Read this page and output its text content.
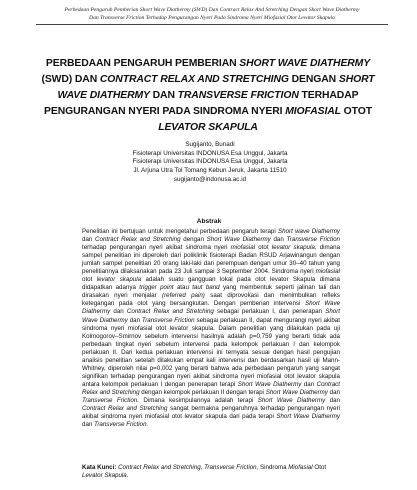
Perbedaan Pengaruh Pemberian Short Wave Diathermy (SWD) Dan Contract Relax And Stretching Dengan Short Wave Diathermy
Dan Transverse Friction Terhadap Pengurangan Nyeri Pada Sindroma Nyeri Miofasial Otot Levator Skapula
PERBEDAAN PENGARUH PEMBERIAN SHORT WAVE DIATHERMY (SWD) DAN CONTRACT RELAX AND STRETCHING DENGAN SHORT WAVE DIATHERMY DAN TRANSVERSE FRICTION TERHADAP PENGURANGAN NYERI PADA SINDROMA NYERI MIOFASIAL OTOT LEVATOR SKAPULA
Sugijanto, Bunadi
Fisioterapi Universitas INDONUSA Esa Unggul, Jakarta
Fisioterapi Universitas INDONUSA Esa Unggul, Jakarta
Jl. Arjuna Utra Tol Tomang Kebun Jeruk, Jakarta 11510
sugijanto@indonusa.ac.id
Abstrak

Penelitian ini bertujuan untuk mengetahui perbedaan pengaruh terapi Short wave Diathermy dan Contract Relax and Stretching dengan Short Wave Diathermy dan Transverse Friction terhadap pengurangan nyeri akibat sindroma nyeri miofasial otot levator skapula, dimana sampel penelitian ini diperoleh dari poliklinik fisioterapi Badan RSUD Arjawinangun dengan jumlah sampel penelitian 20 orang laki-laki dan perempuan dengan umur 30–40 tahun yang penelitiannya dilaksanakan pada 23 Juli sampai 3 September 2004. Sindroma nyeri miofasial otot levator skapula adalah suatu gangguan lokal pada otot levator Skapula dimana didapatkan adanya trigger point atau taut band yang membentuk seperti jalinan tali dan dirasakan nyeri menjalar (referred pain) saat diprovokasi dan menimbulkan refleks ketegangan pada otot yang bersangkutan. Dengan pemberian intervensi Short Wave Diathermy dan Contract Relax and Stretching sebagai perlakuan I, dan penerapan Short Wave Diathermy dan Transverse Friction sebagai perlakuan II, dapat mengurangi nyeri akibat sindroma nyeri miofasial otot levator skapula. Dalam penelitian yang dilakukan pada uji Kolmogorov–Smirnov sebelum intervensi hasilnya adalah p=0,759 yang berarti tidak ada perbedaan tingkat nyeri sebelum intervensi pada kelompok perlakuan I dan kelompok perlakuan II. Dari kedua perlakuan intervensi ini ternyata sesuai dengan hasil pengujian analisis penelitian setelah dilakukan empat kali intervensi dan berdasarkan hasil uji Mann-Whitney, diperoleh nilai p=0,002 yang berarti bahwa ada perbedaan pengaruh yang sangat signifikan terhadap pengurangan nyeri akibat sindroma nyeri miofasial otot levator skapula antara kelompok perlakuan I dengan penerapan terapi Short Wave Diathermy dan Contract Relax and Stretching dengan kelompok perlakuan II dengan terapi Short Wave Diathermy dan Transverse Friction. Dimana kesimpulannya adalah terapi Short Wave Diathermy dan Contract Relax and Stretching sangat bermakna pengaruhnya terhadap pengurangan nyeri akibat sindroma nyeri miofasial otot levator skapula dari pada terapi Short Wave Diathermy dan Transverse Friction.

Kata Kunci: Contract Relax and Stretching, Transverse Friction, Sindroma Miofasial Otot Levator Skapula.
